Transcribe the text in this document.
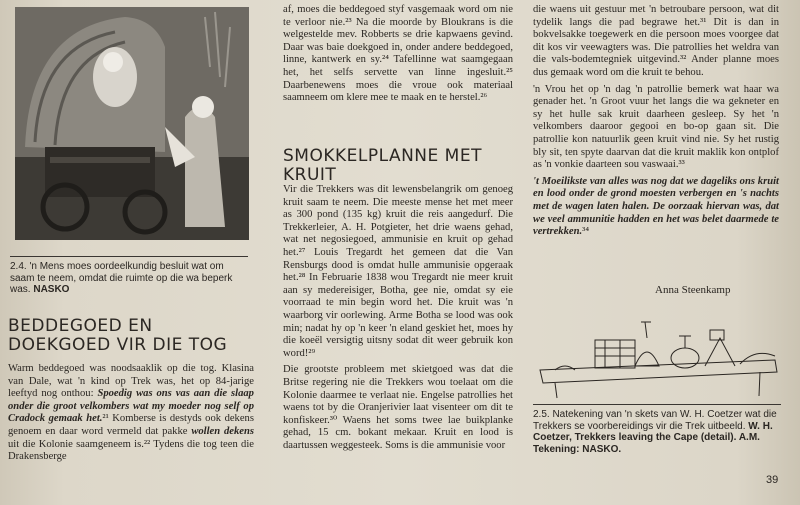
2.4. 'n Mens moes oordeelkundig besluit wat om saam te neem, omdat die ruimte op die wa beperk was. NASKO
BEDDEGOED EN DOEKGOED VIR DIE TOG

Warm beddegoed was noodsaaklik op die tog. Klasina van Dale, wat 'n kind op Trek was, het op 84-jarige leeftyd nog onthou: Spoedig was ons vas aan die slaap onder die groot velkombers wat my moeder nog self op Cradock gemaak het.²¹ Komberse is destyds ook dekens genoem en daar word vermeld dat pakke wollen dekens uit die Kolonie saamgeneem is.²² Tydens die tog teen die Drakensberge

af, moes die beddegoed styf vasgemaak word om nie te verloor nie.²³ Na die moorde by Bloukrans is die welgestelde mev. Robberts se drie kapwaens gevind. Daar was baie doekgoed in, onder andere beddegoed, linne, kantwerk en sy.²⁴ Tafellinne wat saamgegaan het, het selfs servette van linne ingesluit.²⁵ Daarbenewens moes die vroue ook materiaal saamneem om klere mee te maak en te herstel.²⁶

SMOKKELPLANNE MET KRUIT

Vir die Trekkers was dit lewensbelangrik om genoeg kruit saam te neem. Die meeste mense het met meer as 300 pond (135 kg) kruit die reis aangedurf. Die Trekkerleier, A. H. Potgieter, het drie waens gehad, wat net negosiegoed, ammunisie en kruit op gehad het.²⁷ Louis Tregardt het gemeen dat die Van Rensburgs dood is omdat hulle ammunisie opgeraak het.²⁸ In Februarie 1838 wou Tregardt nie meer kruit aan sy medereisiger, Botha, gee nie, omdat sy eie voorraad te min begin word het. Die kruit was 'n waarborg vir oorlewing. Arme Botha se lood was ook min; nadat hy op 'n keer 'n eland geskiet het, moes hy die koeël versigtig uitsny sodat dit weer gebruik kon word!²⁹

Die grootste probleem met skietgoed was dat die Britse regering nie die Trekkers wou toelaat om die Kolonie daarmee te verlaat nie. Engelse patrollies het waens tot by die Oranjerivier laat visenteer om dit te konfiskeer.³⁰ Waens het soms twee lae buikplanke gehad, 15 cm. bokant mekaar. Kruit en lood is daartussen weggesteek. Soms is die ammunisie voor

die waens uit gestuur met 'n betroubare persoon, wat dit tydelik langs die pad begrawe het.³¹ Dit is dan in bokvelsakke toegewerk en die persoon moes voorgee dat dit kos vir veewagters was. Die patrollies het weldra van die vals-bodemtegniek uitgevind.³² Ander planne moes dus gemaak word om die kruit te behou.

'n Vrou het op 'n dag 'n patrollie bemerk wat haar wa genader het. 'n Groot vuur het langs die wa gekneter en sy het hulle sak kruit daarheen gesleep. Sy het 'n velkombers daaroor gegooi en bo-op gaan sit. Die patrollie kon natuurlik geen kruit vind nie. Sy het rustig bly sit, ten spyte daarvan dat die kruit maklik kon ontplof as 'n vonkie daarteen sou vaswaai.³³

't Moeilikste van alles was nog dat we dageliks ons kruit en lood onder de grond moesten verbergen en 's nachts met de wagen laten halen. De oorzaak hiervan was, dat we veel ammunitie hadden en het was belet daarmede te vertrekken.³⁴

Anna Steenkamp
2.5. Natekening van 'n skets van W. H. Coetzer wat die Trekkers se voorbereidings vir die Trek uitbeeld. W. H. Coetzer, Trekkers leaving the Cape (detail). A.M. Tekening: NASKO.
39
